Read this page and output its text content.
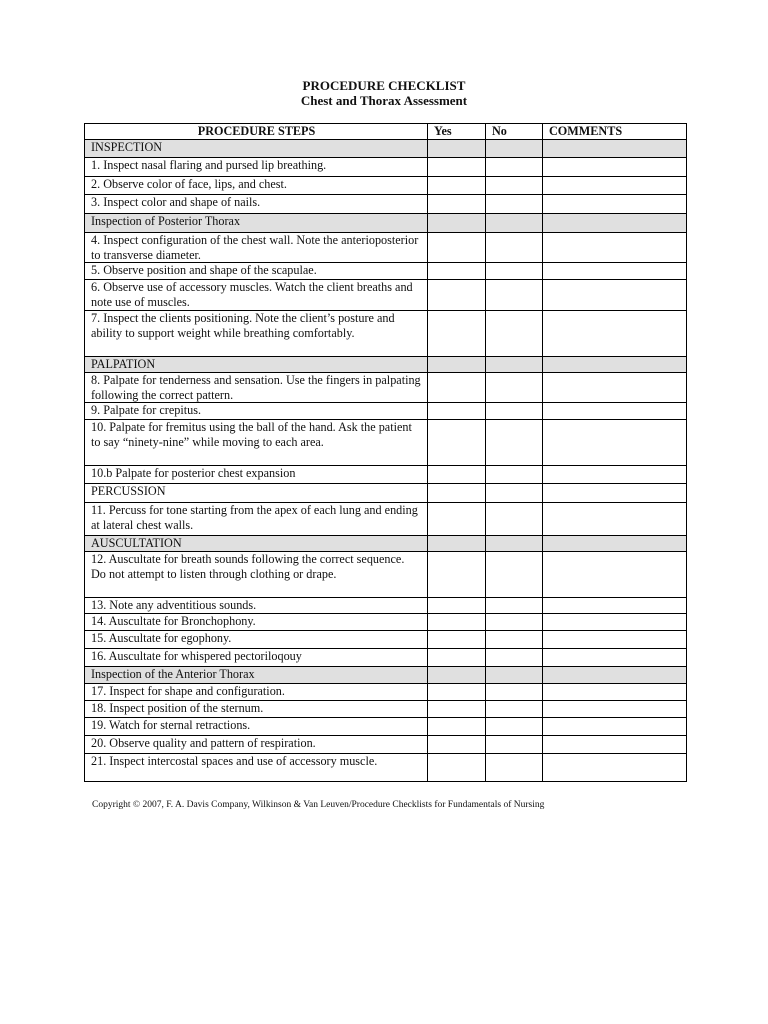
PROCEDURE CHECKLIST
Chest and Thorax Assessment
PROCEDURE STEPS	Yes	No	COMMENTS
INSPECTION			
1. Inspect nasal flaring and pursed lip breathing.			
2. Observe color of face, lips, and chest.			
3. Inspect color and shape of nails.			
Inspection of Posterior Thorax			
4. Inspect configuration of the chest wall. Note the anterioposterior to transverse diameter.			
5. Observe position and shape of the scapulae.			
6. Observe use of accessory muscles. Watch the client breaths and note use of muscles.			
7. Inspect the clients positioning. Note the client’s posture and ability to support weight while breathing comfortably.			
PALPATION			
8. Palpate for tenderness and sensation. Use the fingers in palpating following the correct pattern.			
9. Palpate for crepitus.			
10. Palpate for fremitus using the ball of the hand. Ask the patient to say “ninety-nine” while moving to each area.			
10.b Palpate for posterior chest expansion			
PERCUSSION			
11. Percuss for tone starting from the apex of each lung and ending at lateral chest walls.			
AUSCULTATION			
12. Auscultate for breath sounds following the correct sequence. Do not attempt to listen through clothing or drape.			
13. Note any adventitious sounds.			
14. Auscultate for Bronchophony.			
15. Auscultate for egophony.			
16. Auscultate for whispered pectoriloqouy			
Inspection of the Anterior Thorax			
17. Inspect for shape and configuration.			
18. Inspect position of the sternum.			
19. Watch for sternal retractions.			
20. Observe quality and pattern of respiration.			
21. Inspect intercostal spaces and use of accessory muscle.			
Copyright © 2007, F. A. Davis Company, Wilkinson & Van Leuven/Procedure Checklists for Fundamentals of Nursing
